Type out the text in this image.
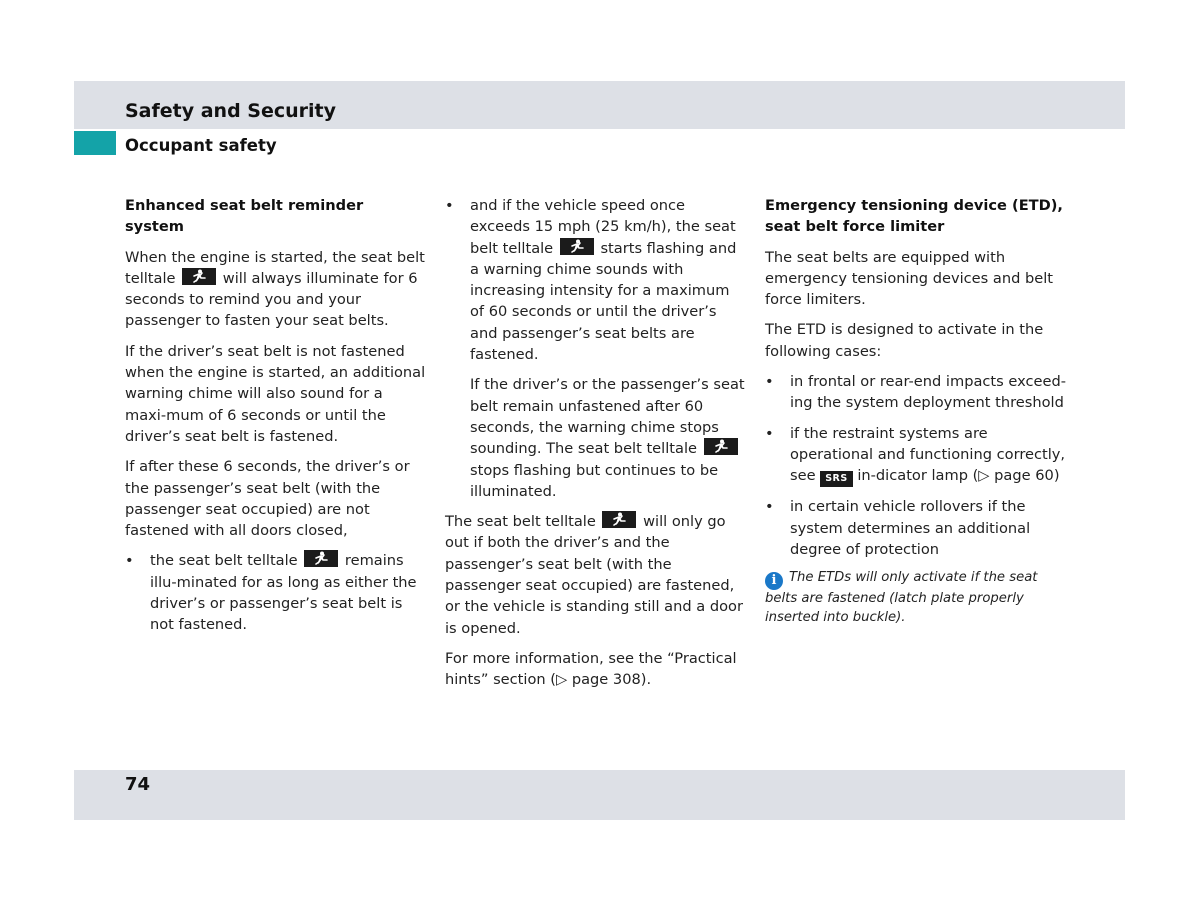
Safety and Security
Occupant safety

Enhanced seat belt reminder system

When the engine is started, the seat belt telltale	will always illuminate for 6 seconds to remind you and your passenger to fasten your seat belts.

If the driver’s seat belt is not fastened when the engine is started, an additional warning chime will also sound for a maxi-mum of 6 seconds or until the driver’s seat belt is fastened.

If after these 6 seconds, the driver’s or the passenger’s seat belt (with the passenger seat occupied) are not fastened with all doors closed,

• the seat belt telltale	remains illu-minated for as long as either the driver’s or passenger’s seat belt is not fastened.
• and if the vehicle speed once exceeds 15 mph (25 km/h), the seat belt telltale	starts flashing and a warning chime sounds with increasing intensity for a maximum of 60 seconds or until the driver’s and passenger’s seat belts are fastened.
If the driver’s or the passenger’s seat belt remain unfastened after 60 seconds, the warning chime stops sounding. The seat belt telltale
stops flashing but continues to be illuminated.

The seat belt telltale	will only go out if both the driver’s and the passenger’s seat belt (with the passenger seat occupied) are fastened, or the vehicle is standing still and a door is opened.

For more information, see the “Practical hints” section (▷ page 308).

Emergency tensioning device (ETD), seat belt force limiter

The seat belts are equipped with emergency tensioning devices and belt force limiters.

The ETD is designed to activate in the following cases:

• in frontal or rear-end impacts exceed-ing the system deployment threshold
• if the restraint systems are operational and functioning correctly, see SRS in-dicator lamp (▷ page 60)
• in certain vehicle rollovers if the system determines an additional degree of protection

i The ETDs will only activate if the seat belts are fastened (latch plate properly inserted into buckle).

74
